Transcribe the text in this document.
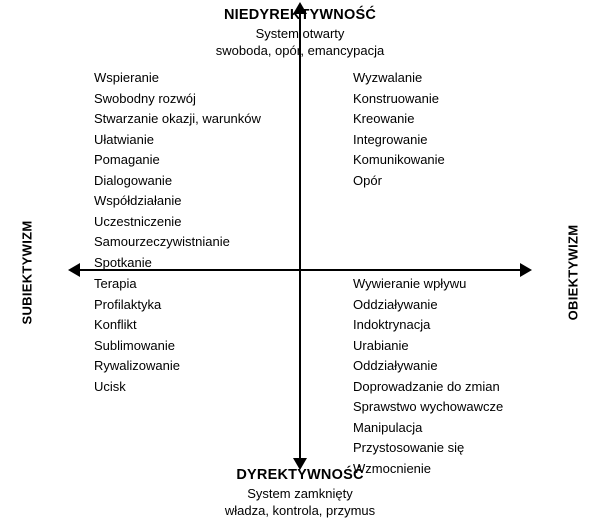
NIEDYREKTYWNOŚĆ
System otwarty
swoboda, opór, emancypacja
DYREKTYWNOŚĆ
System zamknięty
władza, kontrola, przymus
SUBIEKTYWIZM	OBIEKTYWIZM
Wspieranie
Swobodny rozwój
Stwarzanie okazji, warunków
Ułatwianie
Pomaganie
Dialogowanie
Współdziałanie
Uczestniczenie
Samourzeczywistnianie
Spotkanie
Wyzwalanie
Konstruowanie
Kreowanie
Integrowanie
Komunikowanie
Opór
Terapia
Profilaktyka
Konflikt
Sublimowanie
Rywalizowanie
Ucisk
Wywieranie wpływu
Oddziaływanie
Indoktrynacja
Urabianie
Oddziaływanie
Doprowadzanie do zmian
Sprawstwo wychowawcze
Manipulacja
Przystosowanie się
Wzmocnienie
